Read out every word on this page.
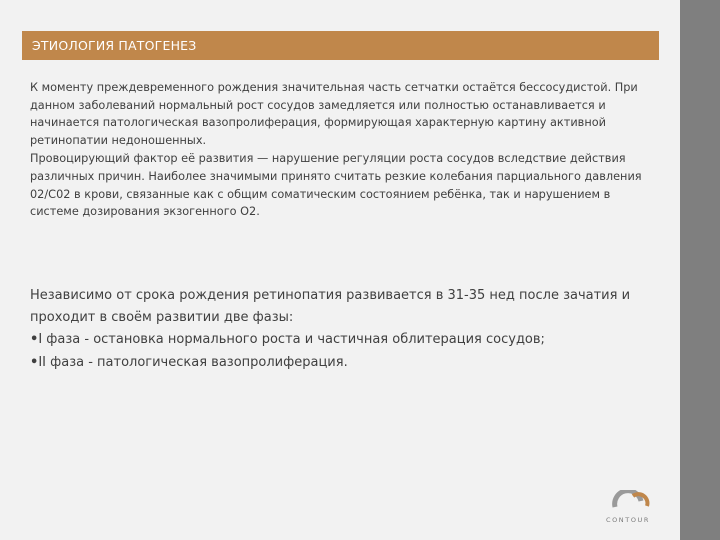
ЭТИОЛОГИЯ ПАТОГЕНЕЗ

К моменту преждевременного рождения значительная часть сетчатки остаётся бессосудистой. При данном заболеваний нормальный рост сосудов замедляется или полностью останавливается и начинается патологическая вазопролиферация, формирующая характерную картину активной ретинопатии недоношенных.

Провоцирующий фактор её развития — нарушение регуляции роста сосудов вследствие действия различных причин. Наиболее значимыми принято считать резкие колебания парциального давления 02/С02 в крови, связанные как с общим соматическим состоянием ребёнка, так и нарушением в системе дозирования экзогенного О2.

Независимо от срока рождения ретинопатия развивается в 31-35 нед после зачатия и проходит в своём развитии две фазы:

•I фаза - остановка нормального роста и частичная облитерация сосудов;

•II фаза - патологическая вазопролиферация.

CONTOUR
